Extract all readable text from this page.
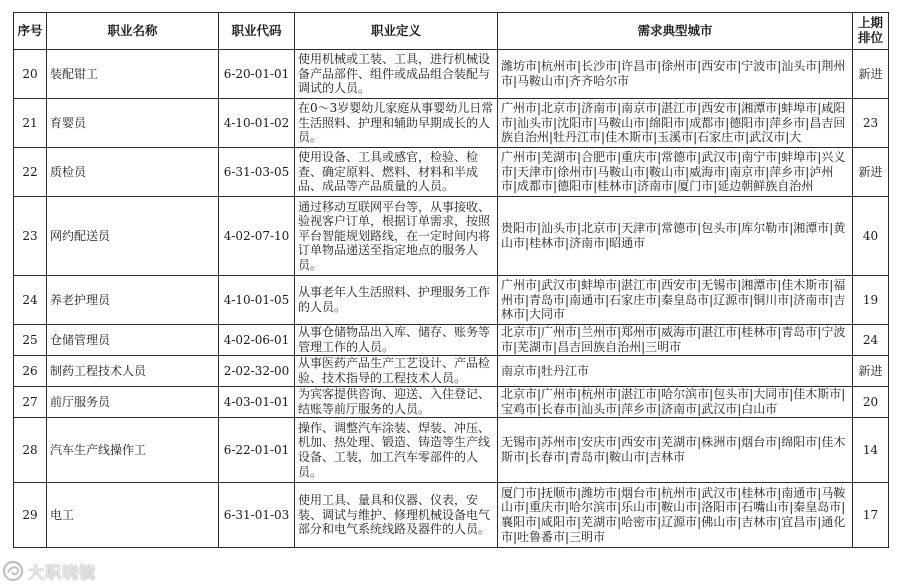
序号	职业名称	职业代码	职业定义	需求典型城市	上期
排位
20	装配钳工	6-20-01-01	使用机械或工装、工具，进行机械设备产品部件、组件或成品组合装配与调试的人员。	潍坊市|杭州市|长沙市|许昌市|徐州市|西安市|宁波市|汕头市|荆州市|马鞍山市|齐齐哈尔市	新进
21	育婴员	4-10-01-02	在0～3岁婴幼儿家庭从事婴幼儿日常生活照料、护理和辅助早期成长的人员。	广州市|北京市|济南市|南京市|湛江市|西安市|湘潭市|蚌埠市|咸阳市|汕头市|沈阳市|马鞍山市|绵阳市|成都市|德阳市|萍乡市|昌吉回族自治州|牡丹江市|佳木斯市|玉溪市|石家庄市|武汉市|大	23
22	质检员	6-31-03-05	使用设备、工具或感官，检验、检查、确定原料、燃料、材料和半成品、成品等产品质量的人员。	广州市|芜湖市|合肥市|重庆市|常德市|武汉市|南宁市|蚌埠市|兴义市|天津市|徐州市|马鞍山市|鞍山市|威海市|南京市|萍乡市|泸州市|成都市|德阳市|桂林市|济南市|厦门市|延边朝鲜族自治州	新进
23	网约配送员	4-02-07-10	通过移动互联网平台等，从事接收、验视客户订单，根据订单需求，按照平台智能规划路线，在一定时间内将订单物品递送至指定地点的服务人员。	贵阳市|汕头市|北京市|天津市|常德市|包头市|库尔勒市|湘潭市|黄山市|桂林市|济南市|昭通市	40
24	养老护理员	4-10-01-05	从事老年人生活照料、护理服务工作的人员。	广州市|武汉市|蚌埠市|湛江市|西安市|无锡市|湘潭市|佳木斯市|福州市|青岛市|南通市|石家庄市|秦皇岛市|辽源市|铜川市|济南市|吉林市|大同市	19
25	仓储管理员	4-02-06-01	从事仓储物品出入库、储存、账务等管理工作的人员。	北京市|广州市|兰州市|郑州市|威海市|湛江市|桂林市|青岛市|宁波市|芜湖市|昌吉回族自治州|三明市	24
26	制药工程技术人员	2-02-32-00	从事医药产品生产工艺设计、产品检验、技术指导的工程技术人员。	南京市|牡丹江市	新进
27	前厅服务员	4-03-01-01	为宾客提供咨询、迎送、入住登记、结账等前厅服务的人员。	北京市|广州市|杭州市|湛江市|哈尔滨市|包头市|大同市|佳木斯市|宝鸡市|长春市|汕头市|萍乡市|济南市|武汉市|白山市	20
28	汽车生产线操作工	6-22-01-01	操作、调整汽车涂装、焊装、冲压、机加、热处理、锻造、铸造等生产线设备、工装，加工汽车零部件的人员。	无锡市|苏州市|安庆市|西安市|芜湖市|株洲市|烟台市|绵阳市|佳木斯市|长春市|青岛市|鞍山市|吉林市	14
29	电工	6-31-01-03	使用工具、量具和仪器、仪表，安装、调试与维护、修理机械设备电气部分和电气系统线路及器件的人员。	厦门市|抚顺市|潍坊市|烟台市|杭州市|武汉市|桂林市|南通市|马鞍山市|重庆市|哈尔滨市|乐山市|鞍山市|洛阳市|石嘴山市|秦皇岛市|襄阳市|咸阳市|芜湖市|哈密市|辽源市|佛山市|吉林市|宜昌市|通化市|吐鲁番市|三明市	17
大职晓镜
